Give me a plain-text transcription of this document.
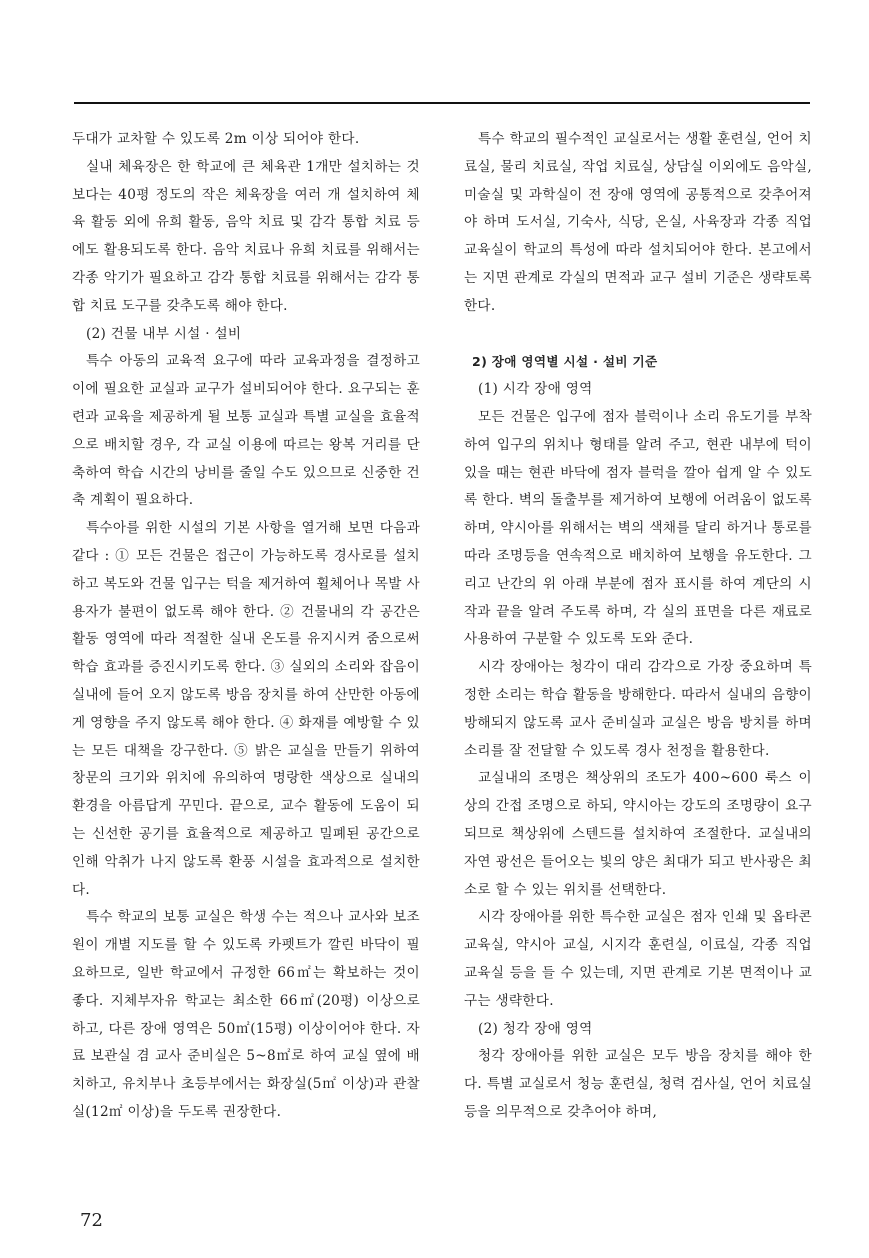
두대가 교차할 수 있도록 2m 이상 되어야 한다.

실내 체육장은 한 학교에 큰 체육관 1개만 설치하는 것보다는 40평 정도의 작은 체육장을 여러 개 설치하여 체육 활동 외에 유희 활동, 음악 치료 및 감각 통합 치료 등에도 활용되도록 한다. 음악 치료나 유희 치료를 위해서는 각종 악기가 필요하고 감각 통합 치료를 위해서는 감각 통합 치료 도구를 갖추도록 해야 한다.

(2) 건물 내부 시설 · 설비

특수 아동의 교육적 요구에 따라 교육과정을 결정하고 이에 필요한 교실과 교구가 설비되어야 한다. 요구되는 훈련과 교육을 제공하게 될 보통 교실과 특별 교실을 효율적으로 배치할 경우, 각 교실 이용에 따르는 왕복 거리를 단축하여 학습 시간의 낭비를 줄일 수도 있으므로 신중한 건축 계획이 필요하다.

특수아를 위한 시설의 기본 사항을 열거해 보면 다음과 같다 : ① 모든 건물은 접근이 가능하도록 경사로를 설치하고 복도와 건물 입구는 턱을 제거하여 휠체어나 목발 사용자가 불편이 없도록 해야 한다. ② 건물내의 각 공간은 활동 영역에 따라 적절한 실내 온도를 유지시켜 줌으로써 학습 효과를 증진시키도록 한다. ③ 실외의 소리와 잡음이 실내에 들어 오지 않도록 방음 장치를 하여 산만한 아동에게 영향을 주지 않도록 해야 한다. ④ 화재를 예방할 수 있는 모든 대책을 강구한다. ⑤ 밝은 교실을 만들기 위하여 창문의 크기와 위치에 유의하여 명랑한 색상으로 실내의 환경을 아름답게 꾸민다. 끝으로, 교수 활동에 도움이 되는 신선한 공기를 효율적으로 제공하고 밀폐된 공간으로 인해 악취가 나지 않도록 환풍 시설을 효과적으로 설치한다.

특수 학교의 보통 교실은 학생 수는 적으나 교사와 보조원이 개별 지도를 할 수 있도록 카펫트가 깔린 바닥이 필요하므로, 일반 학교에서 규정한 66㎡는 확보하는 것이 좋다. 지체부자유 학교는 최소한 66㎡(20평) 이상으로 하고, 다른 장애 영역은 50㎡(15평) 이상이어야 한다. 자료 보관실 겸 교사 준비실은 5~8㎡로 하여 교실 옆에 배치하고, 유치부나 초등부에서는 화장실(5㎡ 이상)과 관찰실(12㎡ 이상)을 두도록 권장한다.

특수 학교의 필수적인 교실로서는 생활 훈련실, 언어 치료실, 물리 치료실, 작업 치료실, 상담실 이외에도 음악실, 미술실 및 과학실이 전 장애 영역에 공통적으로 갖추어져야 하며 도서실, 기숙사, 식당, 온실, 사육장과 각종 직업 교육실이 학교의 특성에 따라 설치되어야 한다. 본고에서는 지면 관계로 각실의 면적과 교구 설비 기준은 생략토록 한다.

2) 장애 영역별 시설 · 설비 기준

(1) 시각 장애 영역

모든 건물은 입구에 점자 블럭이나 소리 유도기를 부착하여 입구의 위치나 형태를 알려 주고, 현관 내부에 턱이 있을 때는 현관 바닥에 점자 블럭을 깔아 쉽게 알 수 있도록 한다. 벽의 돌출부를 제거하여 보행에 어려움이 없도록 하며, 약시아를 위해서는 벽의 색채를 달리 하거나 통로를 따라 조명등을 연속적으로 배치하여 보행을 유도한다. 그리고 난간의 위 아래 부분에 점자 표시를 하여 계단의 시작과 끝을 알려 주도록 하며, 각 실의 표면을 다른 재료로 사용하여 구분할 수 있도록 도와 준다.

시각 장애아는 청각이 대리 감각으로 가장 중요하며 특정한 소리는 학습 활동을 방해한다. 따라서 실내의 음향이 방해되지 않도록 교사 준비실과 교실은 방음 방치를 하며 소리를 잘 전달할 수 있도록 경사 천정을 활용한다.

교실내의 조명은 책상위의 조도가 400~600 룩스 이상의 간접 조명으로 하되, 약시아는 강도의 조명량이 요구되므로 책상위에 스텐드를 설치하여 조절한다. 교실내의 자연 광선은 들어오는 빛의 양은 최대가 되고 반사광은 최소로 할 수 있는 위치를 선택한다.

시각 장애아를 위한 특수한 교실은 점자 인쇄 및 옵타콘 교육실, 약시아 교실, 시지각 훈련실, 이료실, 각종 직업 교육실 등을 들 수 있는데, 지면 관계로 기본 면적이나 교구는 생략한다.

(2) 청각 장애 영역

청각 장애아를 위한 교실은 모두 방음 장치를 해야 한다. 특별 교실로서 청능 훈련실, 청력 검사실, 언어 치료실 등을 의무적으로 갖추어야 하며,

72
